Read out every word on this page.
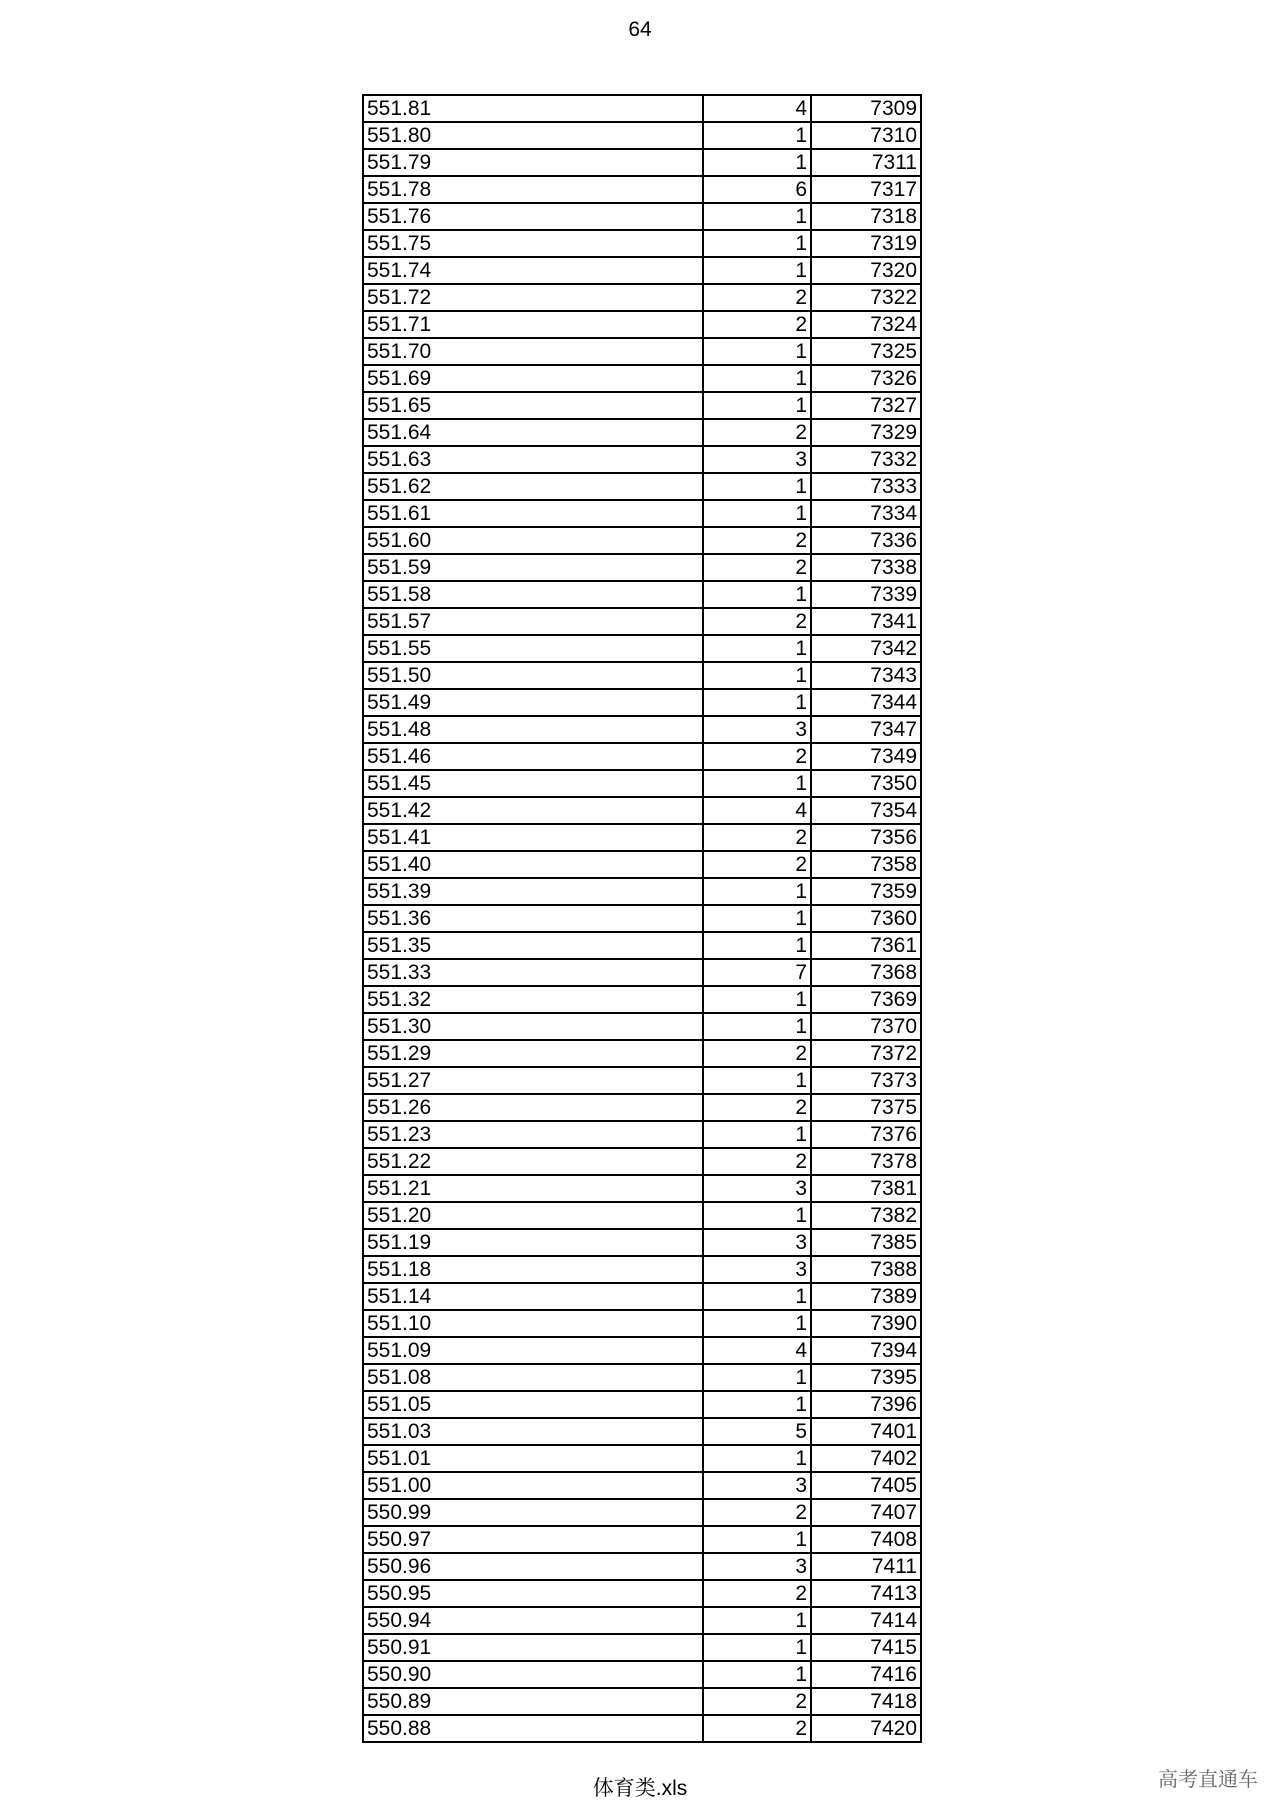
64
551.81	4	7309
551.80	1	7310
551.79	1	7311
551.78	6	7317
551.76	1	7318
551.75	1	7319
551.74	1	7320
551.72	2	7322
551.71	2	7324
551.70	1	7325
551.69	1	7326
551.65	1	7327
551.64	2	7329
551.63	3	7332
551.62	1	7333
551.61	1	7334
551.60	2	7336
551.59	2	7338
551.58	1	7339
551.57	2	7341
551.55	1	7342
551.50	1	7343
551.49	1	7344
551.48	3	7347
551.46	2	7349
551.45	1	7350
551.42	4	7354
551.41	2	7356
551.40	2	7358
551.39	1	7359
551.36	1	7360
551.35	1	7361
551.33	7	7368
551.32	1	7369
551.30	1	7370
551.29	2	7372
551.27	1	7373
551.26	2	7375
551.23	1	7376
551.22	2	7378
551.21	3	7381
551.20	1	7382
551.19	3	7385
551.18	3	7388
551.14	1	7389
551.10	1	7390
551.09	4	7394
551.08	1	7395
551.05	1	7396
551.03	5	7401
551.01	1	7402
551.00	3	7405
550.99	2	7407
550.97	1	7408
550.96	3	7411
550.95	2	7413
550.94	1	7414
550.91	1	7415
550.90	1	7416
550.89	2	7418
550.88	2	7420
体育类.xls	高考直通车
